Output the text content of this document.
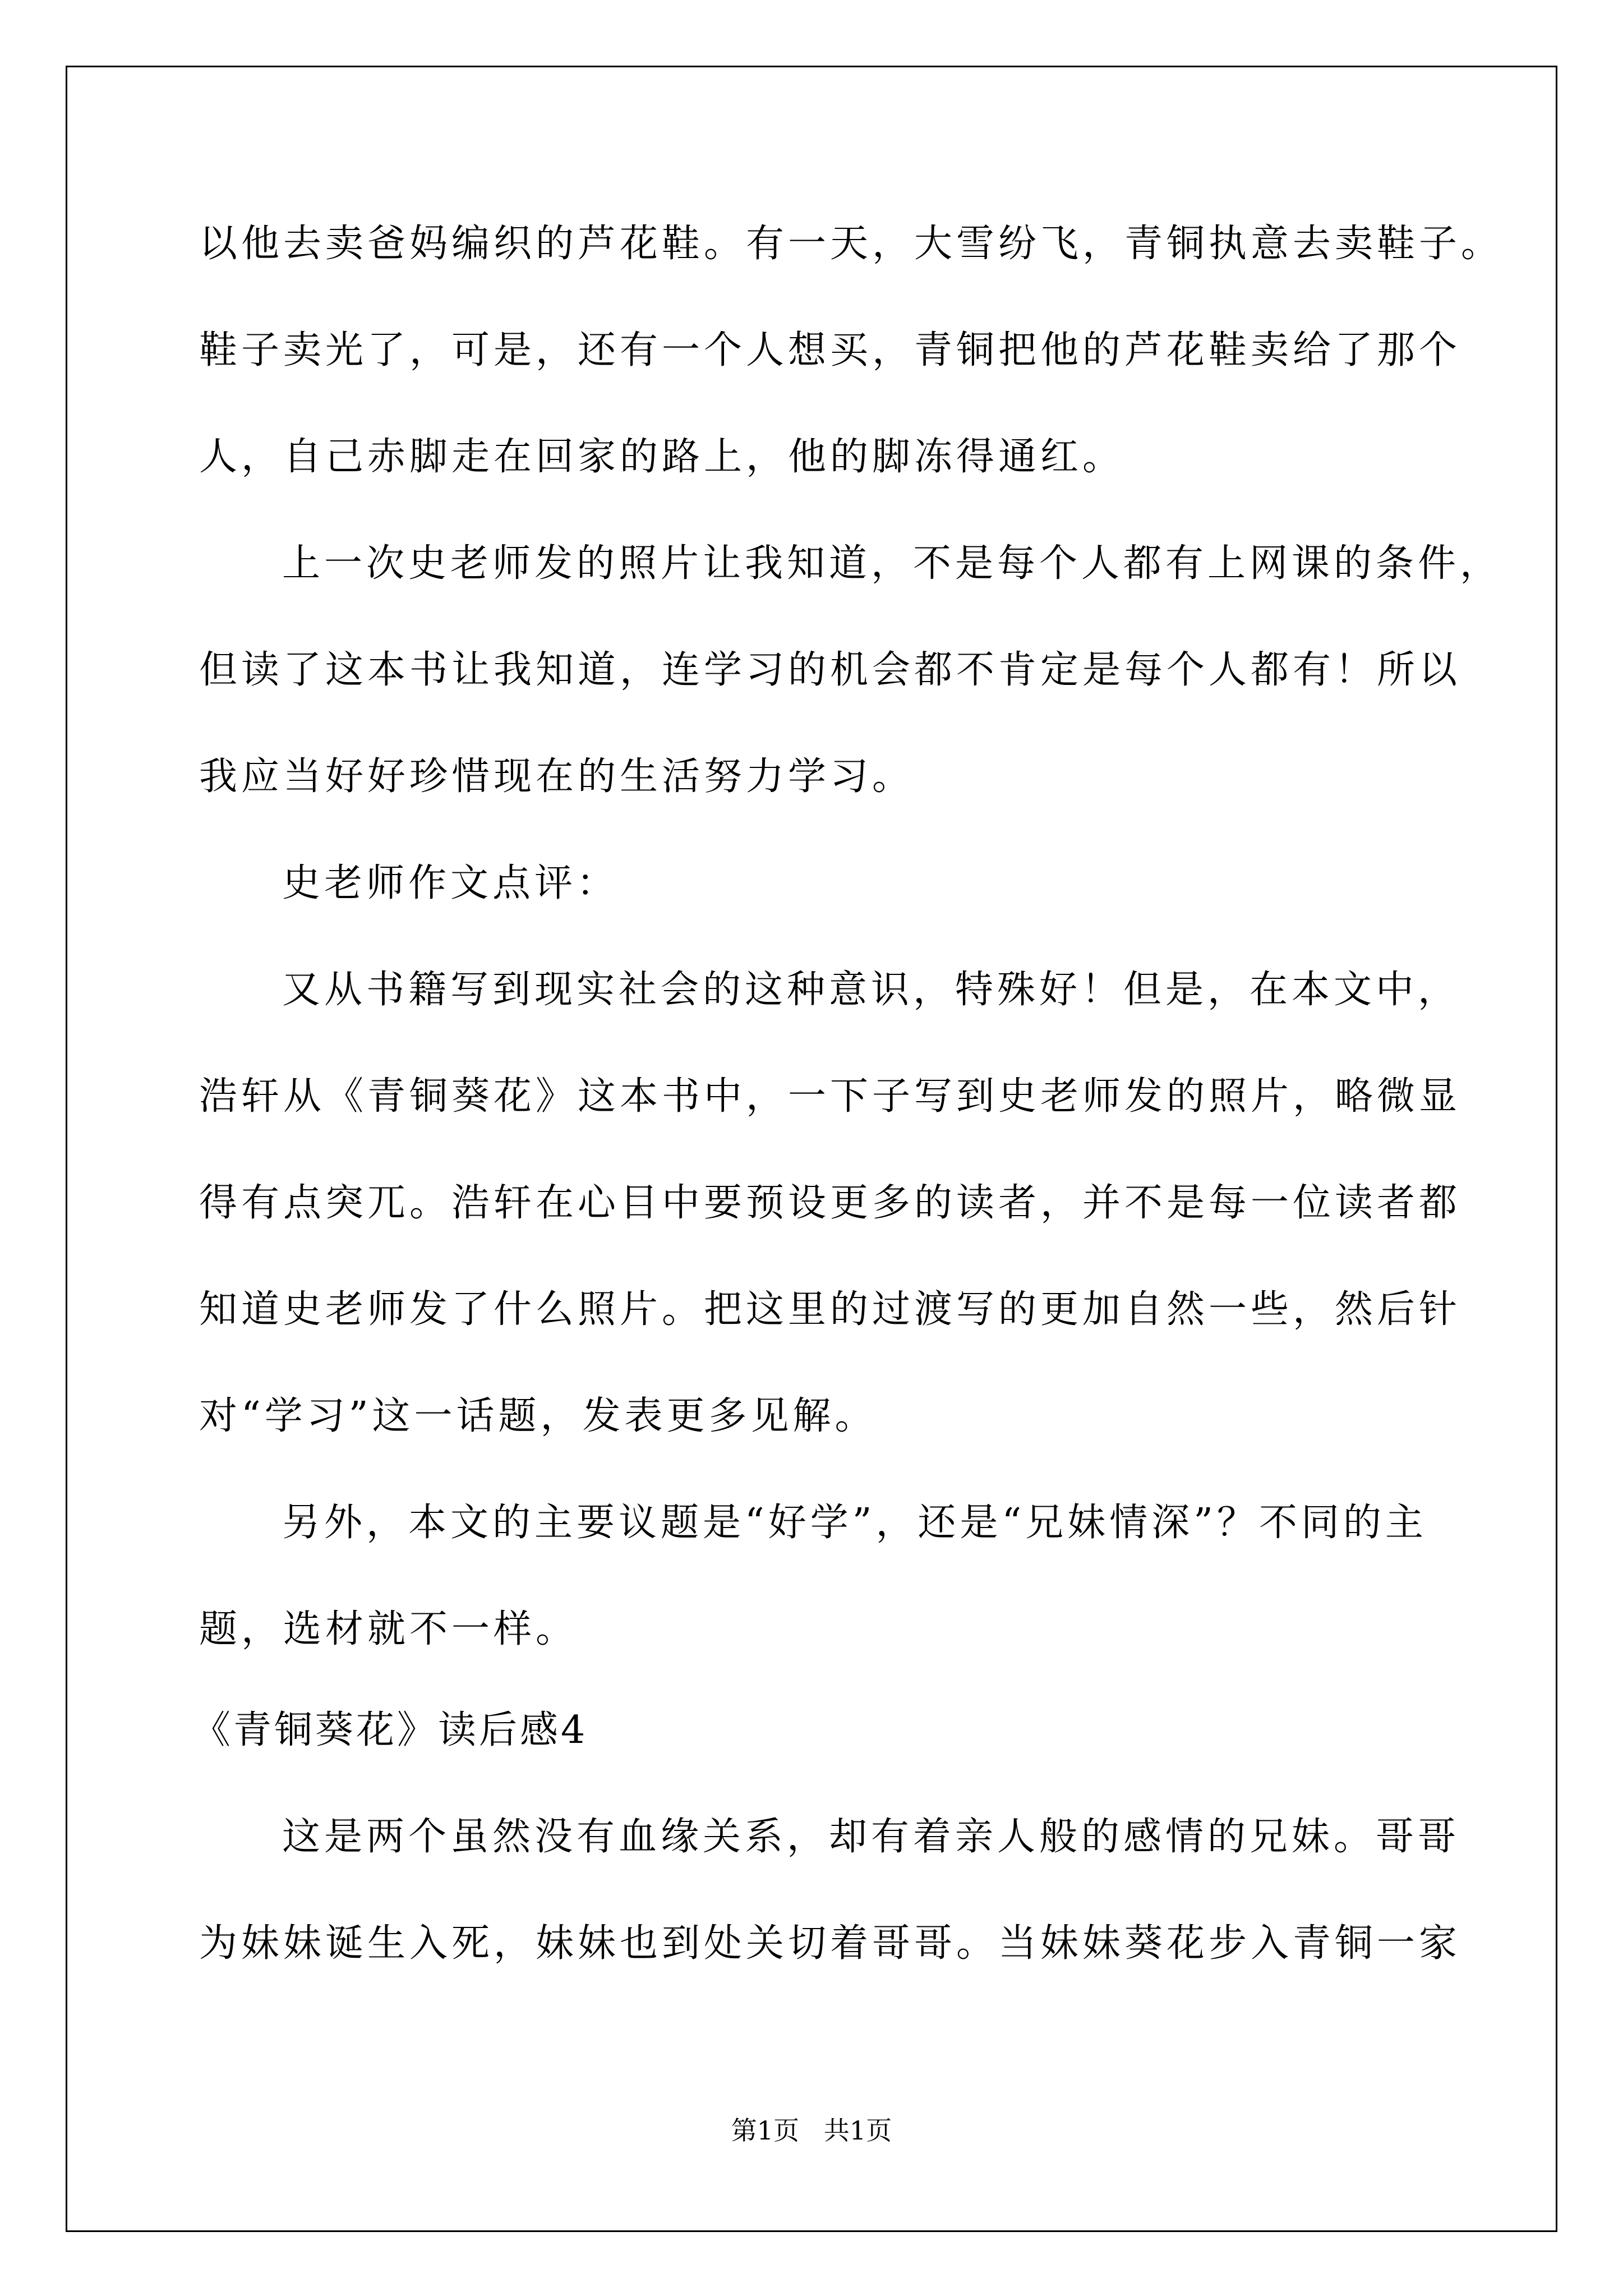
以他去卖爸妈编织的芦花鞋。有一天，大雪纷飞，青铜执意去卖鞋子。
鞋子卖光了，可是，还有一个人想买，青铜把他的芦花鞋卖给了那个
人，自己赤脚走在回家的路上，他的脚冻得通红。
上一次史老师发的照片让我知道，不是每个人都有上网课的条件，
但读了这本书让我知道，连学习的机会都不肯定是每个人都有！所以
我应当好好珍惜现在的生活努力学习。
史老师作文点评：
又从书籍写到现实社会的这种意识，特殊好！但是，在本文中，
浩轩从《青铜葵花》这本书中，一下子写到史老师发的照片，略微显
得有点突兀。浩轩在心目中要预设更多的读者，并不是每一位读者都
知道史老师发了什么照片。把这里的过渡写的更加自然一些，然后针
对“学习”这一话题，发表更多见解。
另外，本文的主要议题是“好学”，还是“兄妹情深”？不同的主
题，选材就不一样。
《青铜葵花》读后感4
这是两个虽然没有血缘关系，却有着亲人般的感情的兄妹。哥哥
为妹妹诞生入死，妹妹也到处关切着哥哥。当妹妹葵花步入青铜一家
第1页   共1页
